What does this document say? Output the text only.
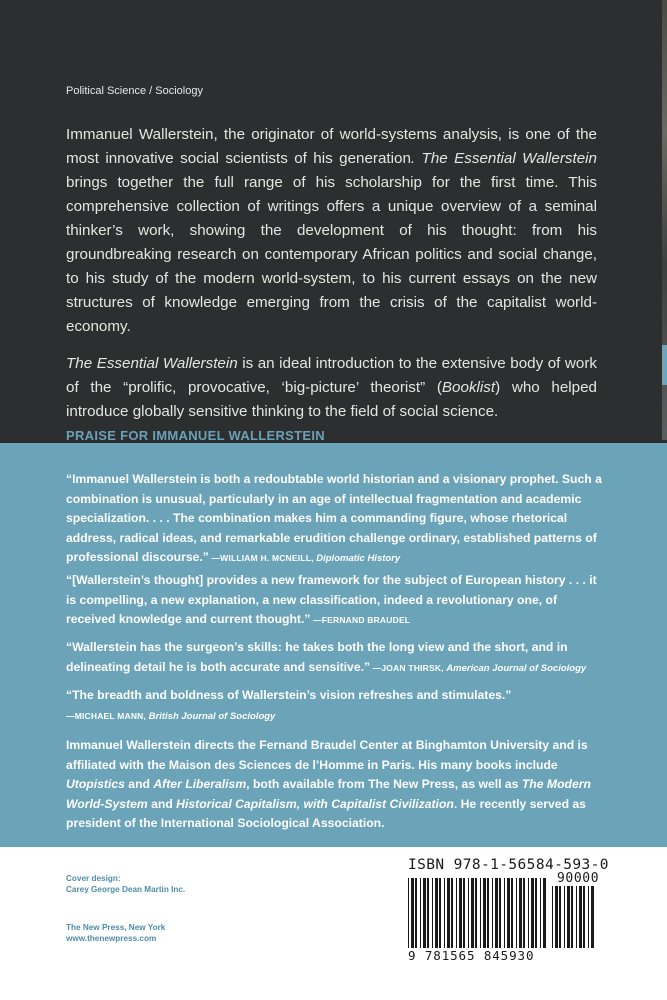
Political Science / Sociology

Immanuel Wallerstein, the originator of world-systems analysis, is one of the most innovative social scientists of his generation. The Essential Wallerstein brings together the full range of his scholarship for the first time. This comprehensive collection of writings offers a unique overview of a seminal thinker’s work, showing the development of his thought: from his groundbreaking research on contemporary African politics and social change, to his study of the modern world-system, to his current essays on the new structures of knowledge emerging from the crisis of the capitalist world-economy.

The Essential Wallerstein is an ideal introduction to the extensive body of work of the “prolific, provocative, ‘big-picture’ theorist” (Booklist) who helped introduce globally sensitive thinking to the field of social science.

PRAISE FOR IMMANUEL WALLERSTEIN
“Immanuel Wallerstein is both a redoubtable world historian and a visionary prophet. Such a combination is unusual, particularly in an age of intellectual fragmentation and academic specialization. . . . The combination makes him a commanding figure, whose rhetorical address, radical ideas, and remarkable erudition challenge ordinary, established patterns of professional discourse.” —WILLIAM H. MCNEILL, Diplomatic History
“[Wallerstein’s thought] provides a new framework for the subject of European history . . . it is compelling, a new explanation, a new classification, indeed a revolutionary one, of received knowledge and current thought.” —FERNAND BRAUDEL
“Wallerstein has the surgeon’s skills: he takes both the long view and the short, and in delineating detail he is both accurate and sensitive.” —JOAN THIRSK, American Journal of Sociology
“The breadth and boldness of Wallerstein’s vision refreshes and stimulates.”
—MICHAEL MANN, British Journal of Sociology
Immanuel Wallerstein directs the Fernand Braudel Center at Binghamton University and is affiliated with the Maison des Sciences de l’Homme in Paris. His many books include Utopistics and After Liberalism, both available from The New Press, as well as The Modern World-System and Historical Capitalism, with Capitalist Civilization. He recently served as president of the International Sociological Association.
Cover design:
Carey George Dean Martin Inc.
The New Press, New York
www.thenewpress.com
ISBN 978-1-56584-593-0
90000
9 781565 845930
